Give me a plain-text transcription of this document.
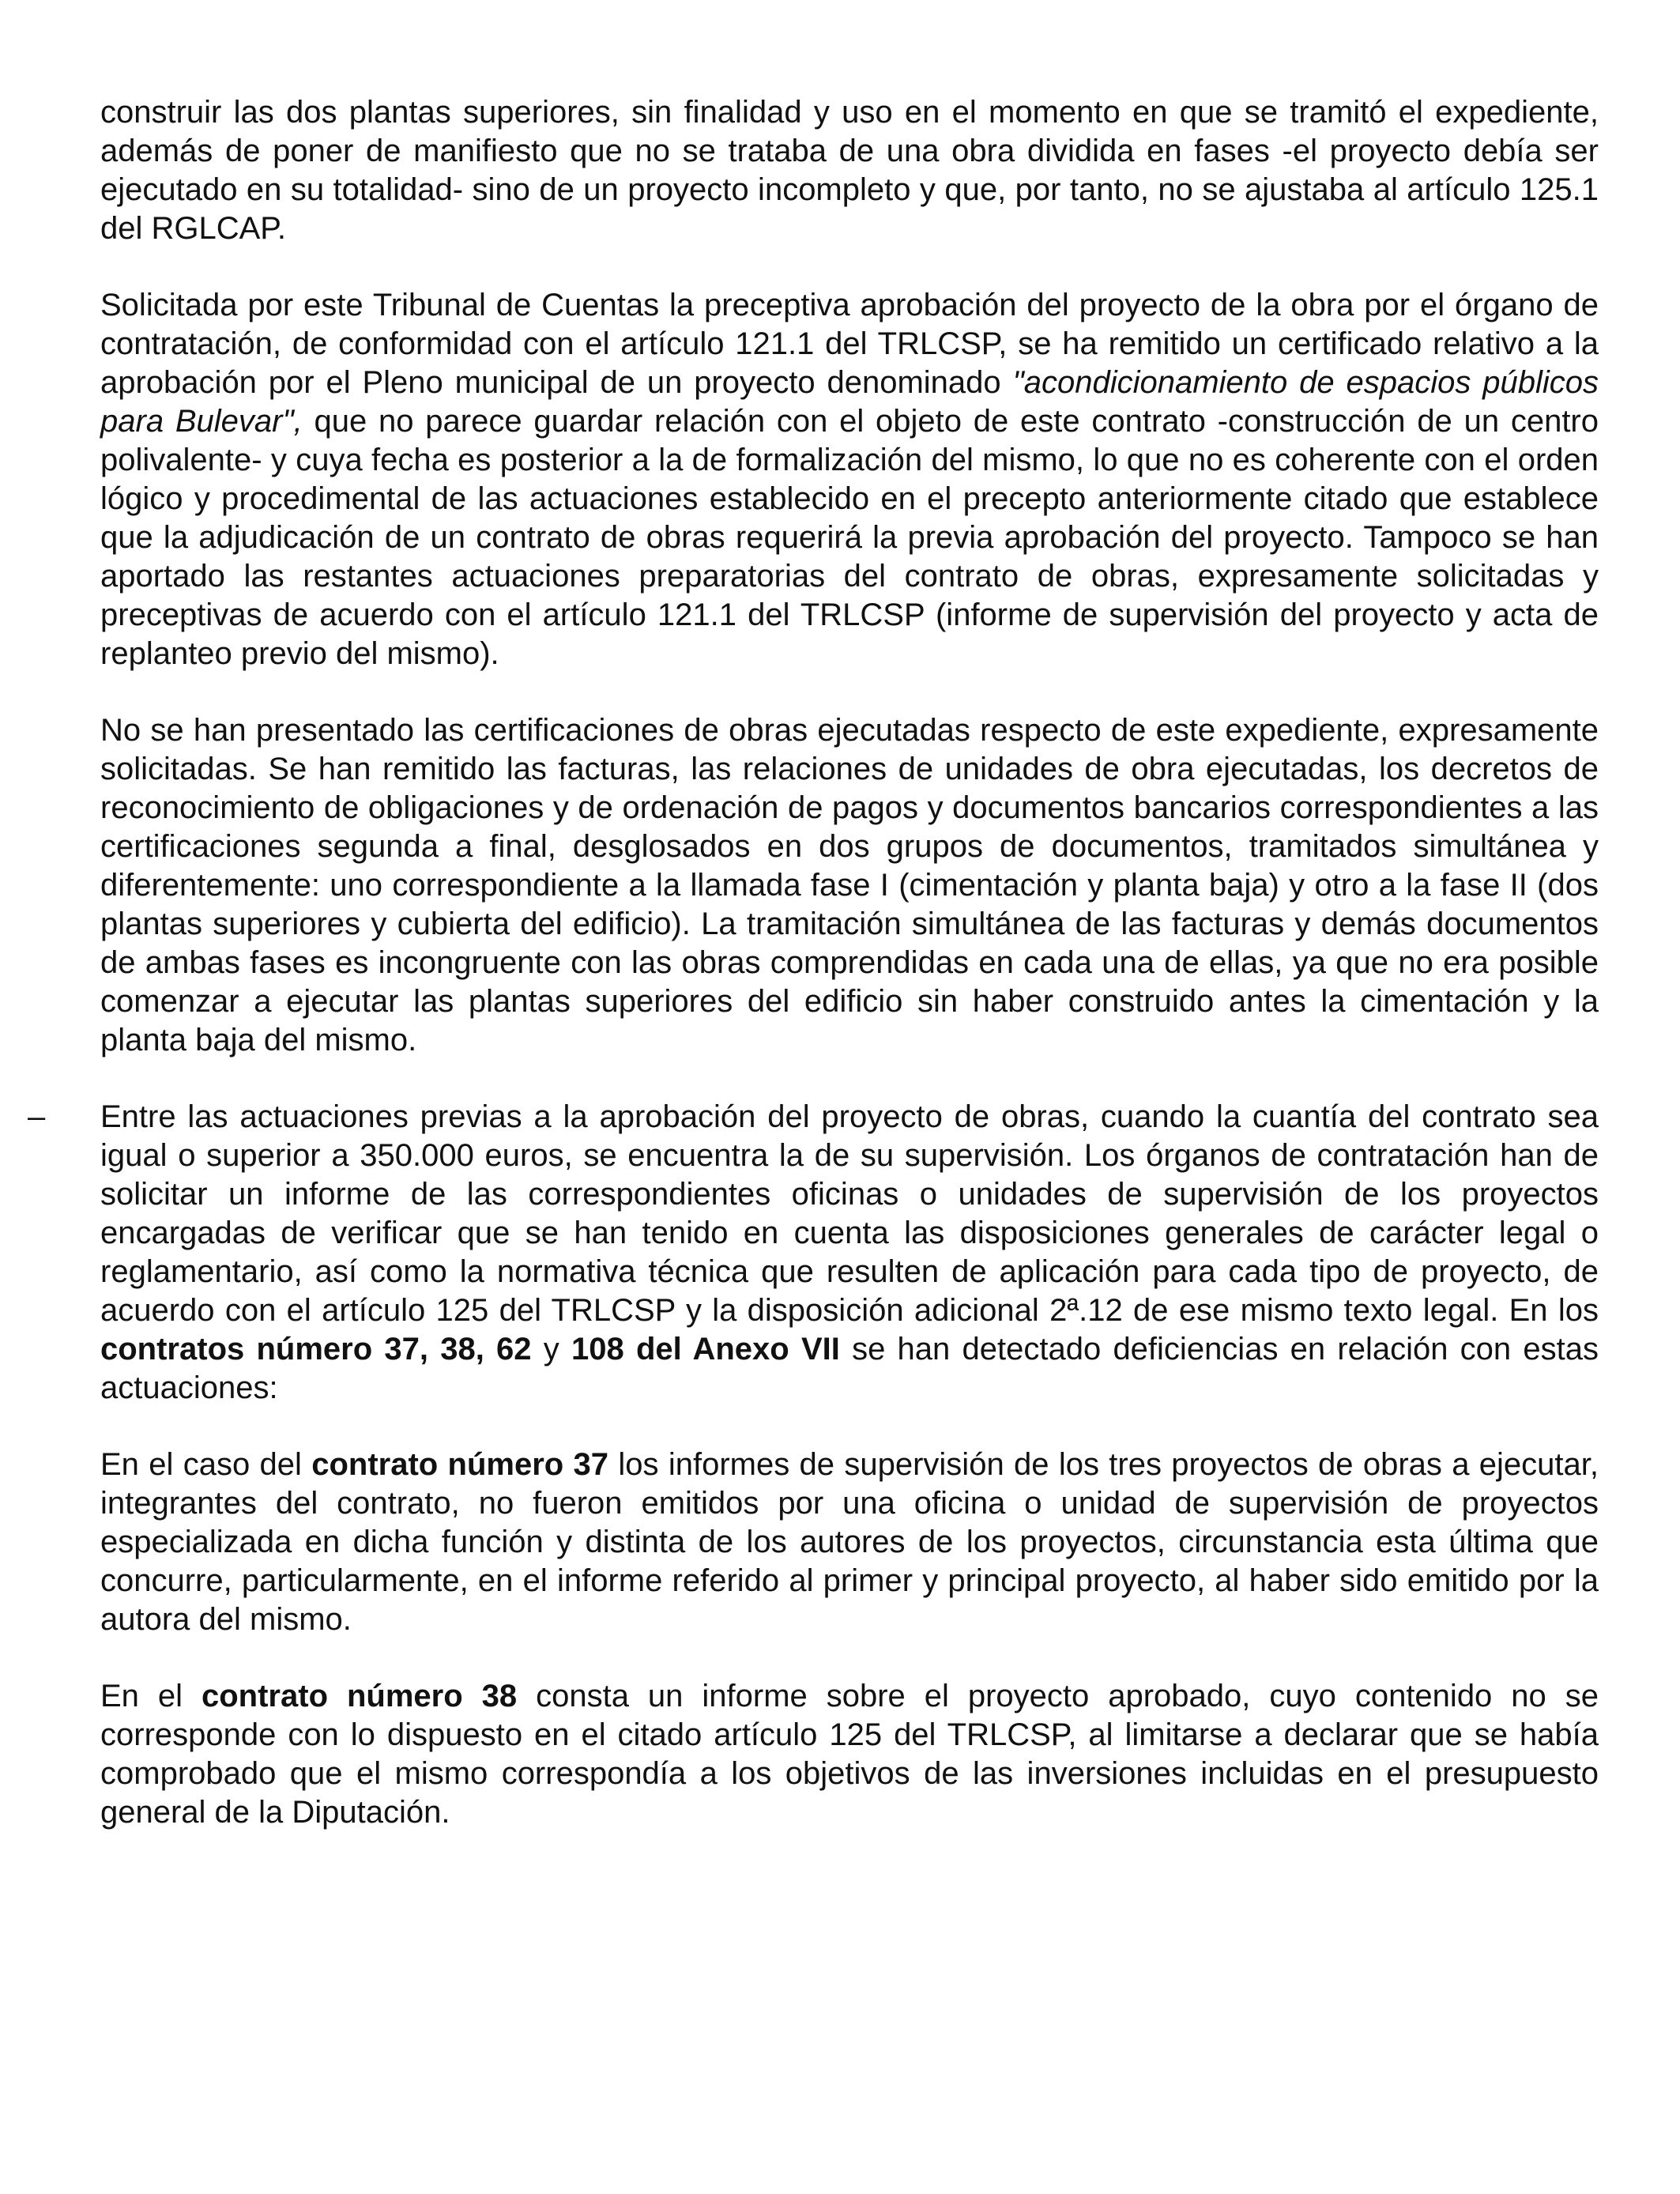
construir las dos plantas superiores, sin finalidad y uso en el momento en que se tramitó el expediente, además de poner de manifiesto que no se trataba de una obra dividida en fases -el proyecto debía ser ejecutado en su totalidad- sino de un proyecto incompleto y que, por tanto, no se ajustaba al artículo 125.1 del RGLCAP.

Solicitada por este Tribunal de Cuentas la preceptiva aprobación del proyecto de la obra por el órgano de contratación, de conformidad con el artículo 121.1 del TRLCSP, se ha remitido un certificado relativo a la aprobación por el Pleno municipal de un proyecto denominado "acondicionamiento de espacios públicos para Bulevar", que no parece guardar relación con el objeto de este contrato -construcción de un centro polivalente- y cuya fecha es posterior a la de formalización del mismo, lo que no es coherente con el orden lógico y procedimental de las actuaciones establecido en el precepto anteriormente citado que establece que la adjudicación de un contrato de obras requerirá la previa aprobación del proyecto. Tampoco se han aportado las restantes actuaciones preparatorias del contrato de obras, expresamente solicitadas y preceptivas de acuerdo con el artículo 121.1 del TRLCSP (informe de supervisión del proyecto y acta de replanteo previo del mismo).

No se han presentado las certificaciones de obras ejecutadas respecto de este expediente, expresamente solicitadas. Se han remitido las facturas, las relaciones de unidades de obra ejecutadas, los decretos de reconocimiento de obligaciones y de ordenación de pagos y documentos bancarios correspondientes a las certificaciones segunda a final, desglosados en dos grupos de documentos, tramitados simultánea y diferentemente: uno correspondiente a la llamada fase I (cimentación y planta baja) y otro a la fase II (dos plantas superiores y cubierta del edificio). La tramitación simultánea de las facturas y demás documentos de ambas fases es incongruente con las obras comprendidas en cada una de ellas, ya que no era posible comenzar a ejecutar las plantas superiores del edificio sin haber construido antes la cimentación y la planta baja del mismo.

– Entre las actuaciones previas a la aprobación del proyecto de obras, cuando la cuantía del contrato sea igual o superior a 350.000 euros, se encuentra la de su supervisión. Los órganos de contratación han de solicitar un informe de las correspondientes oficinas o unidades de supervisión de los proyectos encargadas de verificar que se han tenido en cuenta las disposiciones generales de carácter legal o reglamentario, así como la normativa técnica que resulten de aplicación para cada tipo de proyecto, de acuerdo con el artículo 125 del TRLCSP y la disposición adicional 2ª.12 de ese mismo texto legal. En los contratos número 37, 38, 62 y 108 del Anexo VII se han detectado deficiencias en relación con estas actuaciones:

En el caso del contrato número 37 los informes de supervisión de los tres proyectos de obras a ejecutar, integrantes del contrato, no fueron emitidos por una oficina o unidad de supervisión de proyectos especializada en dicha función y distinta de los autores de los proyectos, circunstancia esta última que concurre, particularmente, en el informe referido al primer y principal proyecto, al haber sido emitido por la autora del mismo.

En el contrato número 38 consta un informe sobre el proyecto aprobado, cuyo contenido no se corresponde con lo dispuesto en el citado artículo 125 del TRLCSP, al limitarse a declarar que se había comprobado que el mismo correspondía a los objetivos de las inversiones incluidas en el presupuesto general de la Diputación.
